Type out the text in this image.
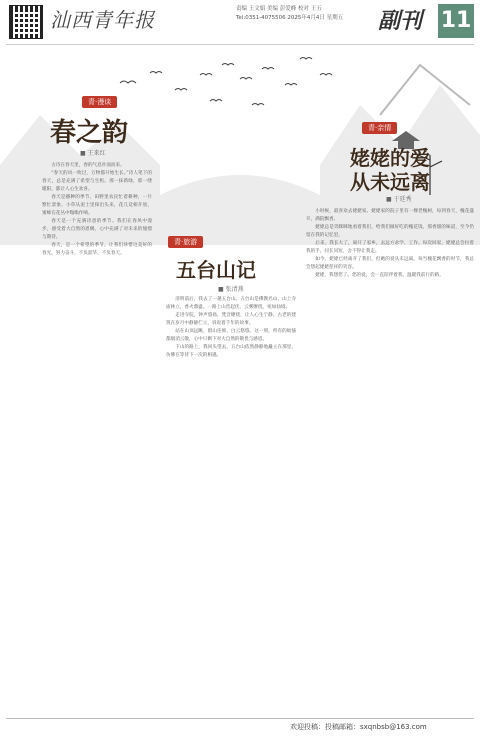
汕西青年报	责编 王文娟 美编 彭爱峰 校对 王五
Tel:0351-4075506 2025年4月4日 星期五 副刊 11
青·漫谈
春之韵
■ 王来红

古诗在春天里，春的气息扑面而来。

“春天的风一吹过，万物都开始生长。”诗人笔下的春天，总是充满了希望与生机。那一抹新绿，那一缕暖阳，都让人心生欢喜。

春天是播种的季节，田野里农民忙着耕种，一片繁忙景象。小草从泥土里探出头来，花儿竞相开放，蜜蜂在花丛中嗡嗡作响。

春天是一个充满诗意的季节。我们在春风中漫步，感受着大自然的恩赐，心中充满了对未来的憧憬与期待。

春天，是一个希望的季节。让我们珍惜这美好的春光，努力奋斗，不负韶华，不负春天。

青·旅游
五台山记
■ 张清燕

清明前后，我去了一趟五台山。五台山是佛教名山，山上寺庙林立，香火鼎盛。一路上山峦起伏，云雾缭绕，宛如仙境。

走进寺院，钟声悠扬，梵音缭绕，让人心生宁静。古老的建筑在岁月中静静伫立，诉说着千年的故事。

站在山顶远眺，群山连绵，白云悠悠。这一刻，所有的烦恼都烟消云散，心中只剩下对大自然的敬畏与感恩。

下山的路上，我回头望去，五台山依然静静地矗立在那里，仿佛在等待下一次的相遇。

青·亲情
姥姥的爱
从未远离
■ 于廷秀

小时候，最喜欢去姥姥家。姥姥家的院子里有一棵老槐树，每到春天，槐花盛开，满院飘香。

姥姥总是笑眯眯地看着我们，给我们做好吃的槐花饭。那香甜的味道，至今仍留在我的记忆里。

后来，我长大了，离开了家乡，去远方求学、工作。每次回家，姥姥总会拉着我的手，问长问短，舍不得让我走。

如今，姥姥已经离开了我们，但她的爱从未远离。每当槐花飘香的时节，我总会想起姥姥慈祥的笑容。

姥姥，我想您了。您的爱，会一直陪伴着我，温暖我前行的路。

欢迎投稿：投稿邮箱：sxqnbsb@163.com
